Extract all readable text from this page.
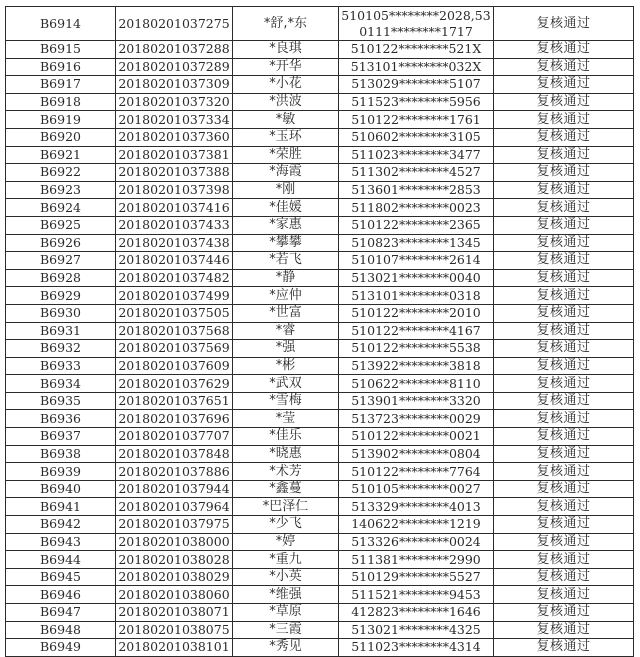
B6914	20180201037275	*舒,*东	510105********2028,530111********1717	复核通过
B6915	20180201037288	*良琪	510122********521X	复核通过
B6916	20180201037289	*开华	513101********032X	复核通过
B6917	20180201037309	*小花	513029********5107	复核通过
B6918	20180201037320	*洪波	511523********5956	复核通过
B6919	20180201037334	*敏	510122********1761	复核通过
B6920	20180201037360	*玉环	510602********3105	复核通过
B6921	20180201037381	*荣胜	511023********3477	复核通过
B6922	20180201037388	*海霞	511302********4527	复核通过
B6923	20180201037398	*刚	513601********2853	复核通过
B6924	20180201037416	*佳媛	511802********0023	复核通过
B6925	20180201037433	*家惠	510122********2365	复核通过
B6926	20180201037438	*攀攀	510823********1345	复核通过
B6927	20180201037446	*若飞	510107********2614	复核通过
B6928	20180201037482	*静	513021********0040	复核通过
B6929	20180201037499	*应仲	513101********0318	复核通过
B6930	20180201037505	*世富	510122********2010	复核通过
B6931	20180201037568	*睿	510122********4167	复核通过
B6932	20180201037569	*强	510122********5538	复核通过
B6933	20180201037609	*彬	513922********3818	复核通过
B6934	20180201037629	*武双	510622********8110	复核通过
B6935	20180201037651	*雪梅	513901********3320	复核通过
B6936	20180201037696	*莹	513723********0029	复核通过
B6937	20180201037707	*佳乐	510122********0021	复核通过
B6938	20180201037848	*晓惠	513902********0804	复核通过
B6939	20180201037886	*术芳	510122********7764	复核通过
B6940	20180201037944	*鑫蔓	510105********0027	复核通过
B6941	20180201037964	*巴泽仁	513329********4013	复核通过
B6942	20180201037975	*少飞	140622********1219	复核通过
B6943	20180201038000	*婷	513326********0024	复核通过
B6944	20180201038028	*重九	511381********2990	复核通过
B6945	20180201038029	*小英	510129********5527	复核通过
B6946	20180201038060	*维强	511521********9453	复核通过
B6947	20180201038071	*草原	412823********1646	复核通过
B6948	20180201038075	*三霞	513021********4325	复核通过
B6949	20180201038101	*秀见	511023********4314	复核通过
